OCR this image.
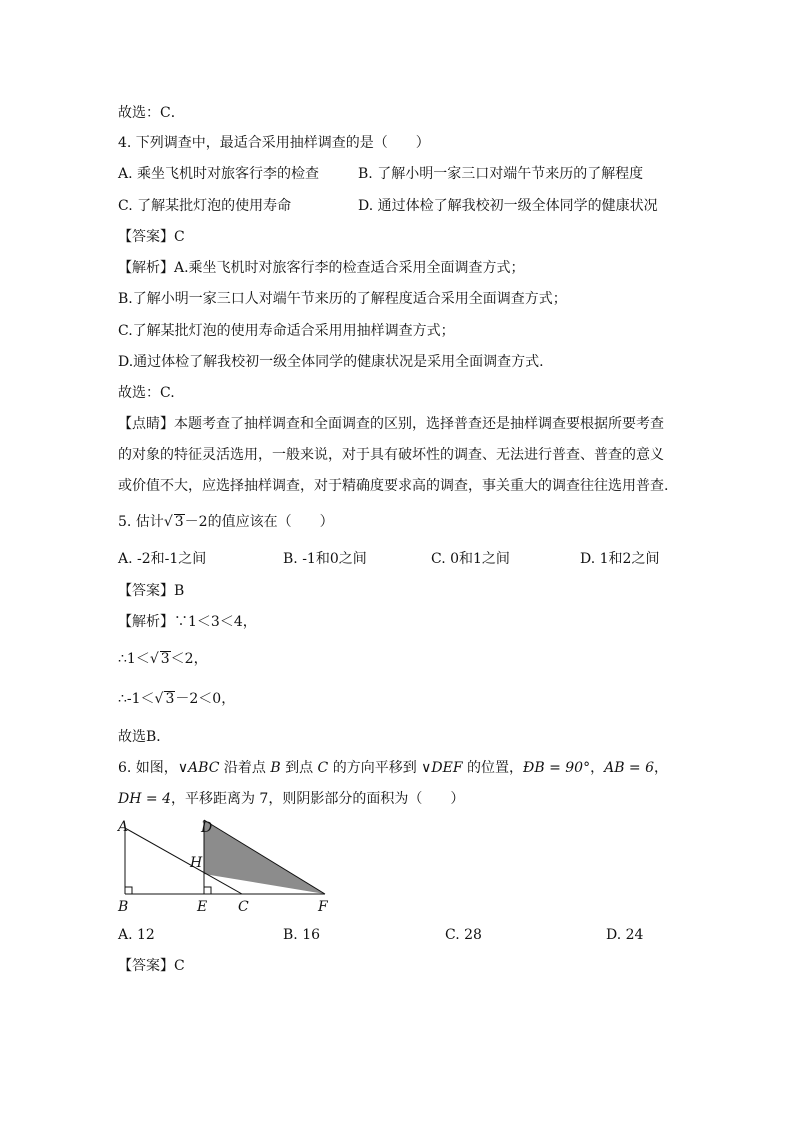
故选：C．
4. 下列调查中，最适合采用抽样调查的是（　　）
A. 乘坐飞机时对旅客行李的检查	B. 了解小明一家三口对端午节来历的了解程度
C. 了解某批灯泡的使用寿命	D. 通过体检了解我校初一级全体同学的健康状况
【答案】C
【解析】A.乘坐飞机时对旅客行李的检查适合采用全面调查方式；
B.了解小明一家三口人对端午节来历的了解程度适合采用全面调查方式；
C.了解某批灯泡的使用寿命适合采用用抽样调查方式；
D.通过体检了解我校初一级全体同学的健康状况是采用全面调查方式.
故选：C.
【点睛】本题考查了抽样调查和全面调查的区别，选择普查还是抽样调查要根据所要考查
的对象的特征灵活选用，一般来说，对于具有破坏性的调查、无法进行普查、普查的意义
或价值不大，应选择抽样调查，对于精确度要求高的调查，事关重大的调查往往选用普查.
5. 估计√ 3－2的值应该在（　　）
A. -2和-1之间	B. -1和0之间	C. 0和1之间	D. 1和2之间
【答案】B
【解析】∵1＜3＜4，
∴1＜√ 3＜2，
∴-1＜√ 3－2＜0，
故选B．
6. 如图，∨ABC 沿着点 B 到点 C 的方向平移到 ∨DEF 的位置，ÐB = 90°，AB = 6，
DH = 4，平移距离为 7，则阴影部分的面积为（　　）
A	D
H
B	E C	F
A. 12	B. 16	C. 28	D. 24
【答案】C
